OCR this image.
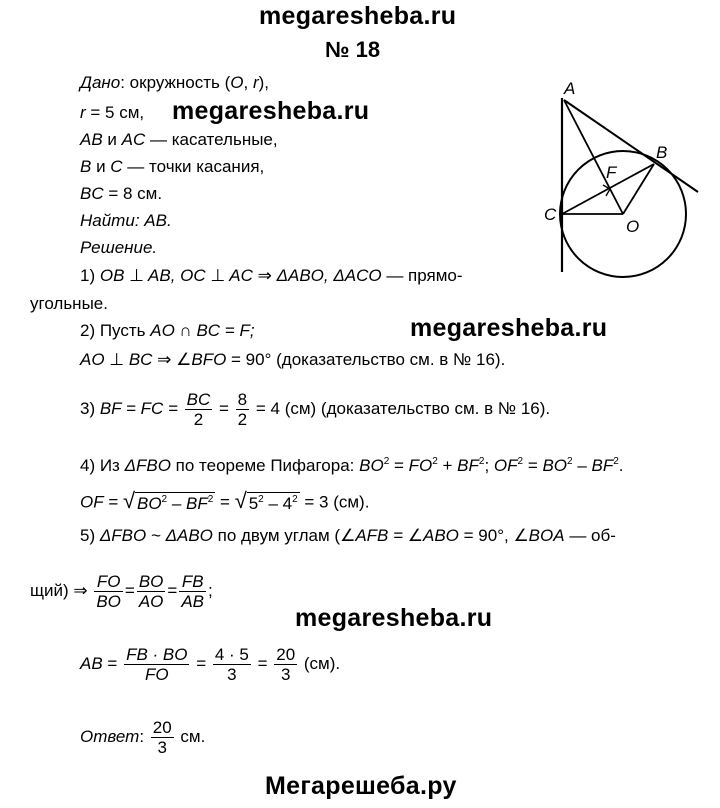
megaresheba.ru
№ 18
megaresheba.ru
megaresheba.ru
megaresheba.ru
Дано: окружность (O, r),
r = 5 см,
AB и AC — касательные,
B и C — точки касания,
BC = 8 см.
Найти: AB.
Решение.
1) OB ⊥ AB, OC ⊥ AC ⇒ ΔABO, ΔACO — прямо-
угольные.
2) Пусть AO ∩ BC = F;
AO ⊥ BC ⇒ ∠BFO = 90° (доказательство см. в № 16).
3) BF = FC = $\frac{BC}{2} = \frac{8}{2} = 4$ (см) (доказательство см. в № 16).
4) Из ΔFBO по теореме Пифагора: $BO^2 = FO^2 + BF^2$; $OF^2 = BO^2 - BF^2$.
OF = √ $BO^2 - BF^2$ = √ $5^2 - 4^2 = 3$ (см).
5) ΔFBO ~ ΔABO по двум углам (∠AFB = ∠ABO = 90°, ∠BOA — об-
щий) ⇒ $\frac{FO}{BO} = \frac{BO}{AO} = \frac{FB}{AB}$ ;
AB = $\frac{FB \cdot BO}{FO} = \frac{4 \cdot 5}{3} = \frac{20}{3} (см)$.
Ответ: $\frac{20}{3}$ см.
Мегарешеба.ру
A
B
C
F
O
